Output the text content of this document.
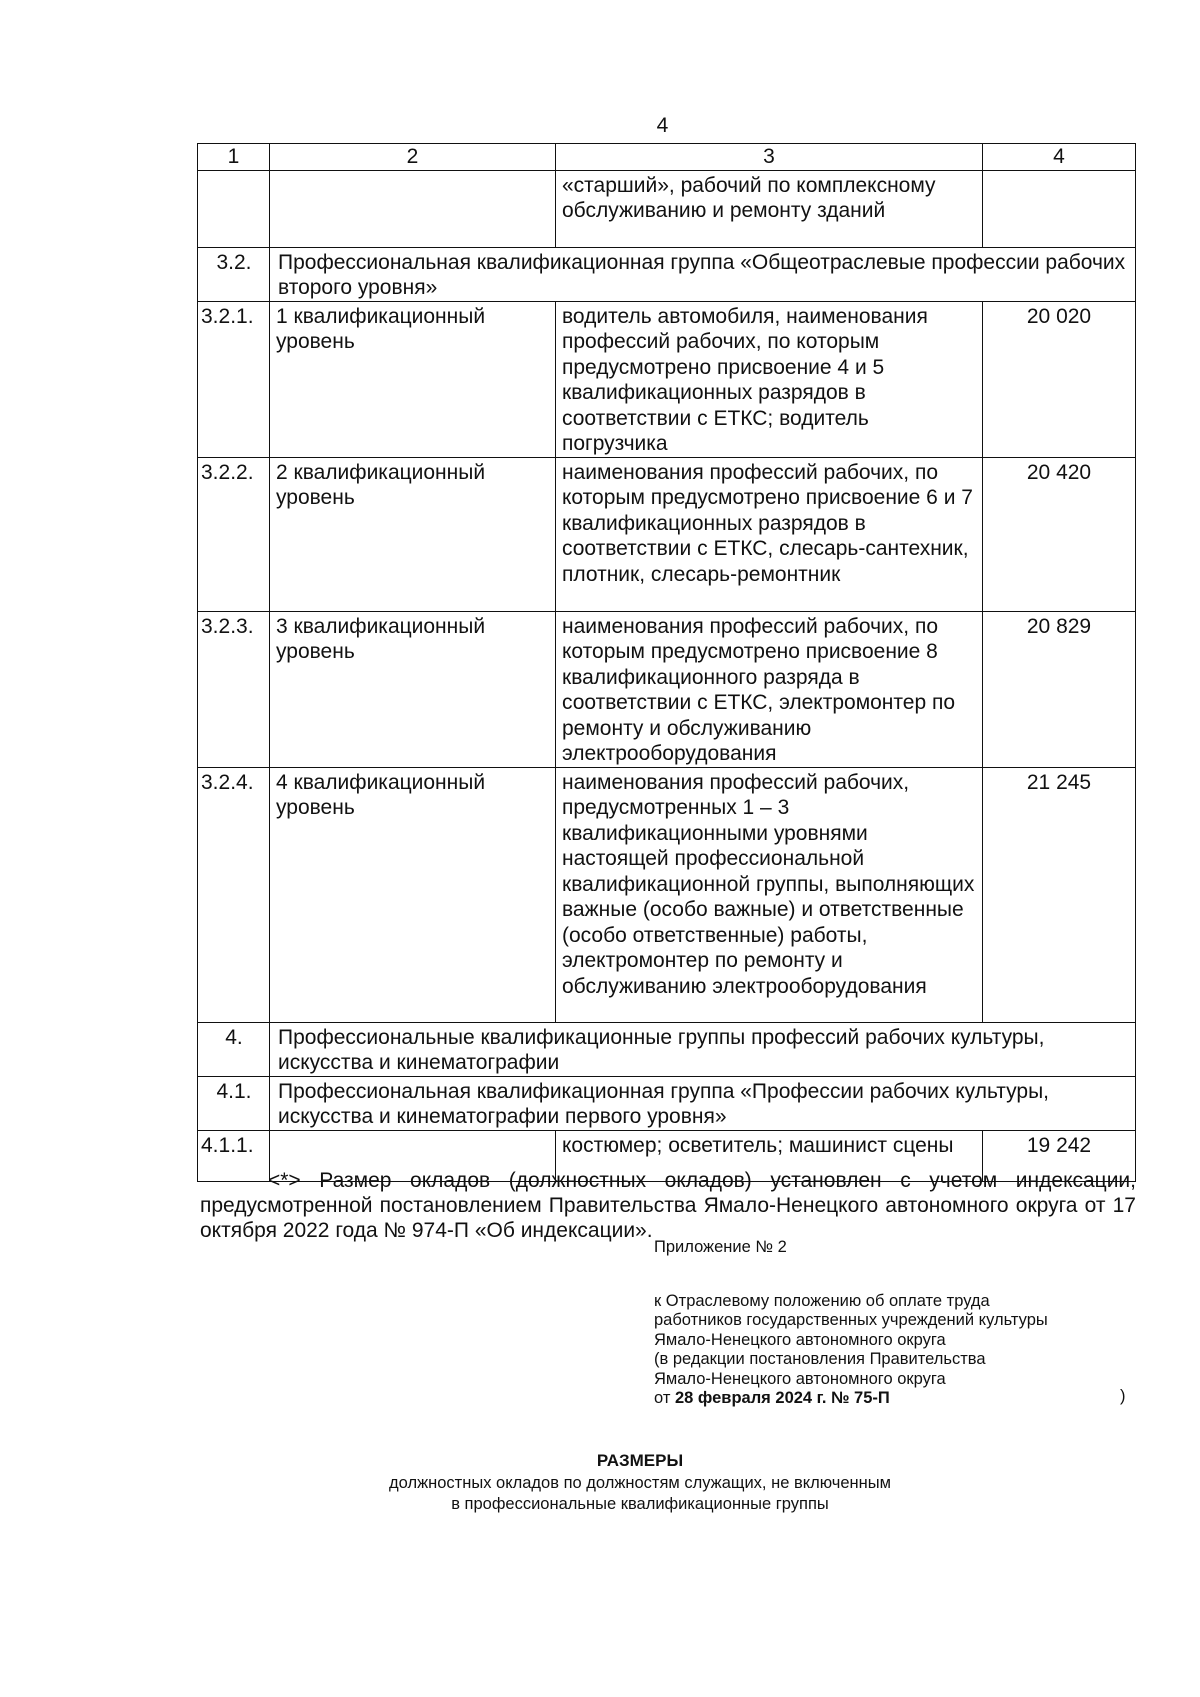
4
1	2	3	4
		«старший», рабочий по комплексному обслуживанию и ремонту зданий	
3.2.	Профессиональная квалификационная группа «Общеотраслевые профессии рабочих второго уровня»		
3.2.1.	1 квалификационный уровень	водитель автомобиля, наименования профессий рабочих, по которым предусмотрено присвоение 4 и 5 квалификационных разрядов в соответствии с ЕТКС; водитель погрузчика	20 020
3.2.2.	2 квалификационный уровень	наименования профессий рабочих, по которым предусмотрено присвоение 6 и 7 квалификационных разрядов в соответствии с ЕТКС, слесарь-сантехник, плотник, слесарь-ремонтник	20 420
3.2.3.	3 квалификационный уровень	наименования профессий рабочих, по которым предусмотрено присвоение 8 квалификационного разряда в соответствии с ЕТКС, электромонтер по ремонту и обслуживанию электрооборудования	20 829
3.2.4.	4 квалификационный уровень	наименования профессий рабочих, предусмотренных 1 – 3 квалификационными уровнями настоящей профессиональной квалификационной группы, выполняющих важные (особо важные) и ответственные (особо ответственные) работы, электромонтер по ремонту и обслуживанию электрооборудования	21 245
4.	Профессиональные квалификационные группы профессий рабочих культуры, искусства и кинематографии		
4.1.	Профессиональная квалификационная группа «Профессии рабочих культуры, искусства и кинематографии первого уровня»		
4.1.1.		костюмер; осветитель; машинист сцены	19 242
<*> Размер окладов (должностных окладов) установлен с учетом индексации, предусмотренной постановлением Правительства Ямало-Ненецкого автономного округа от 17 октября 2022 года № 974-П «Об индексации».
Приложение № 2
к Отраслевому положению об оплате труда
работников государственных учреждений культуры
Ямало-Ненецкого автономного округа
(в редакции постановления Правительства
Ямало-Ненецкого автономного округа
от 28 февраля 2024 г. № 75-П	)
РАЗМЕРЫ
должностных окладов по должностям служащих, не включенным
в профессиональные квалификационные группы
